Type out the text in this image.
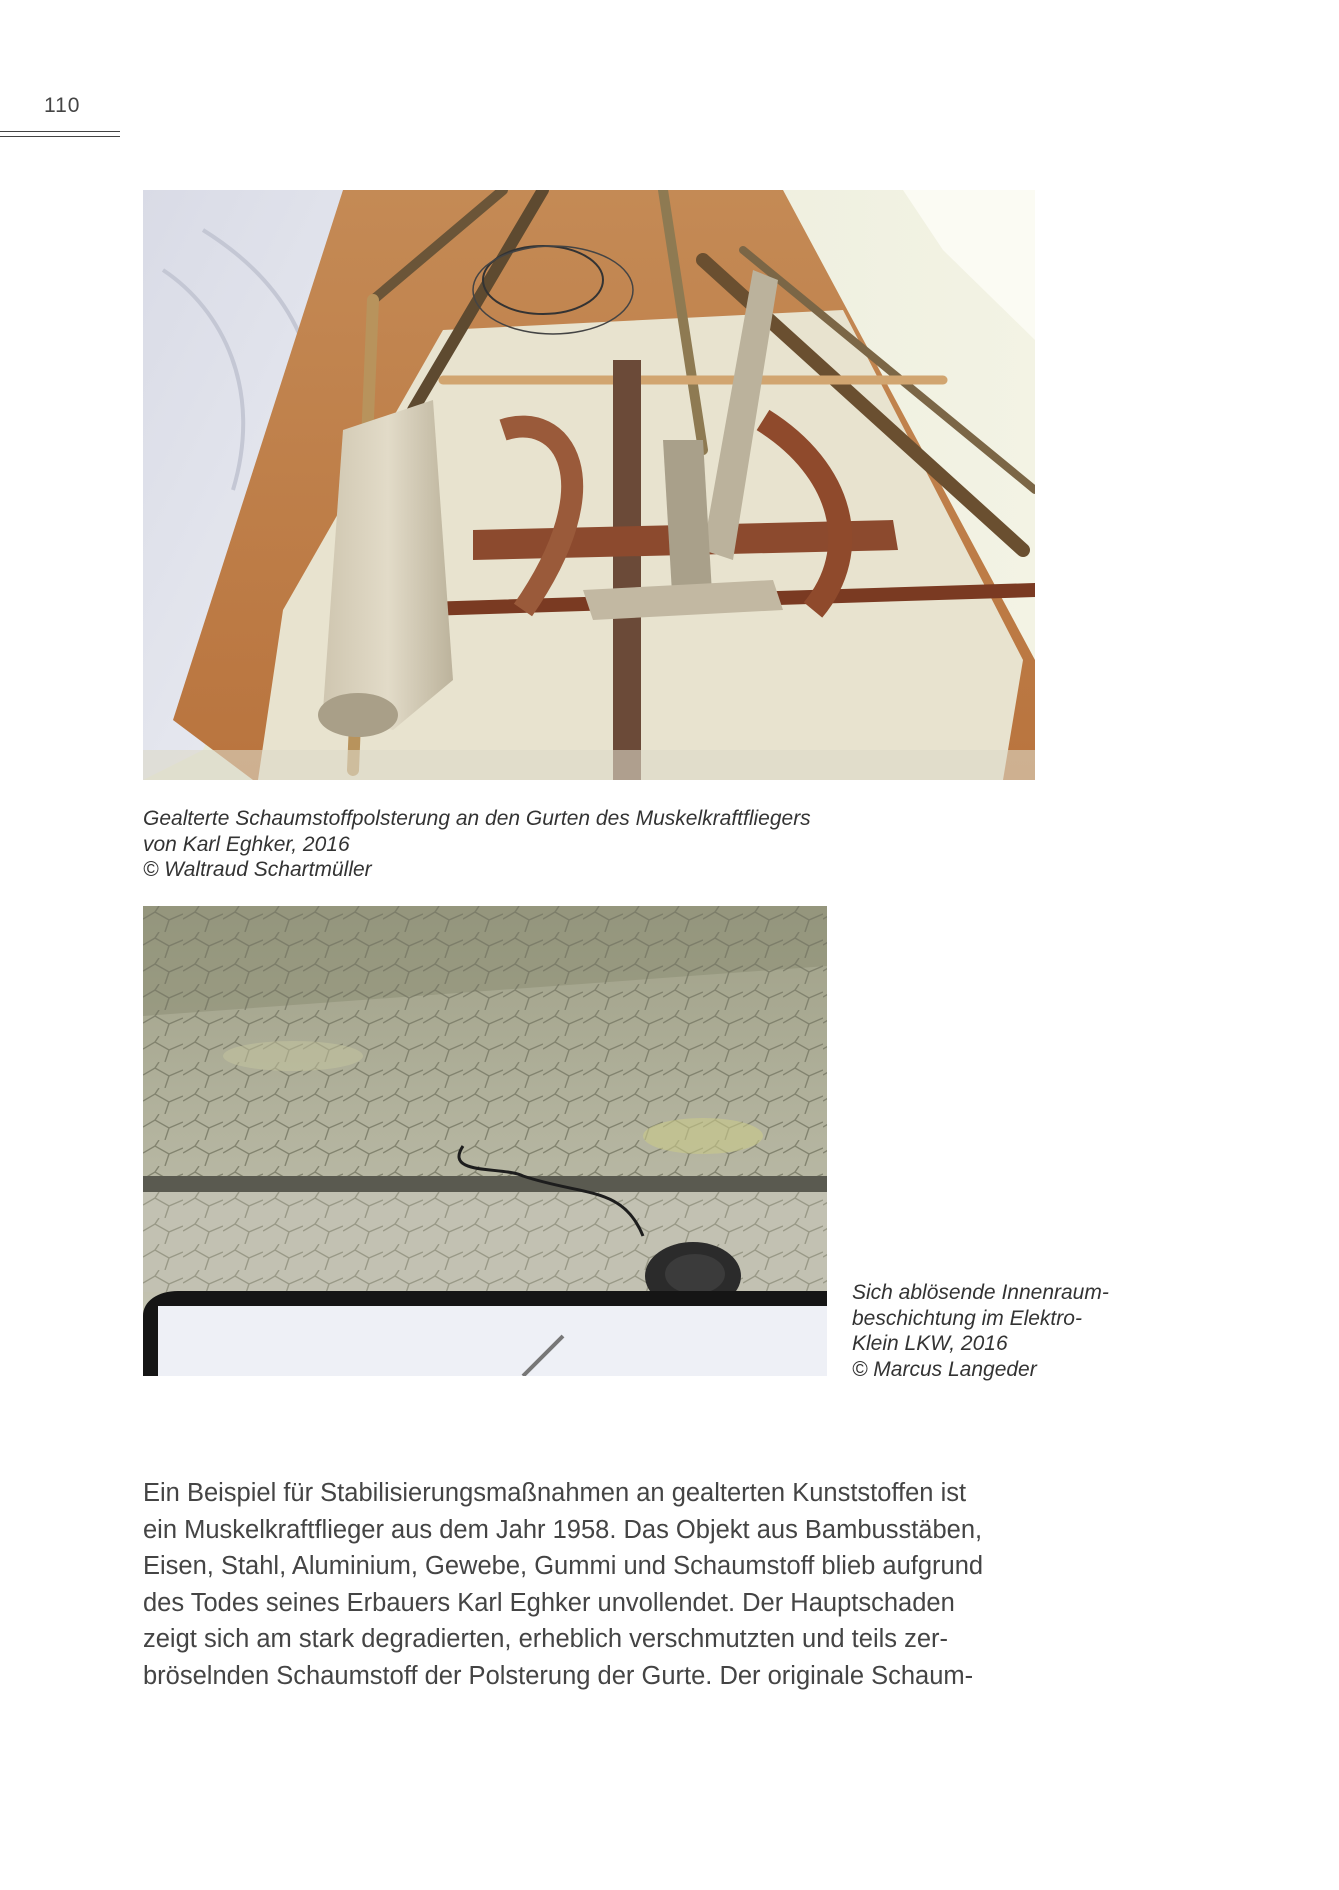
110
Gealterte Schaumstoffpolsterung an den Gurten des Muskelkraftfliegers
von Karl Eghker, 2016
© Waltraud Schartmüller
Sich ablösende Innenraum-
beschichtung im Elektro-
Klein LKW, 2016
© Marcus Langeder
Ein Beispiel für Stabilisierungsmaßnahmen an gealterten Kunststoffen ist
ein Muskelkraftflieger aus dem Jahr 1958. Das Objekt aus Bambusstäben,
Eisen, Stahl, Aluminium, Gewebe, Gummi und Schaumstoff blieb aufgrund
des Todes seines Erbauers Karl Eghker unvollendet. Der Hauptschaden
zeigt sich am stark degradierten, erheblich verschmutzten und teils zer-
bröselnden Schaumstoff der Polsterung der Gurte. Der originale Schaum-
